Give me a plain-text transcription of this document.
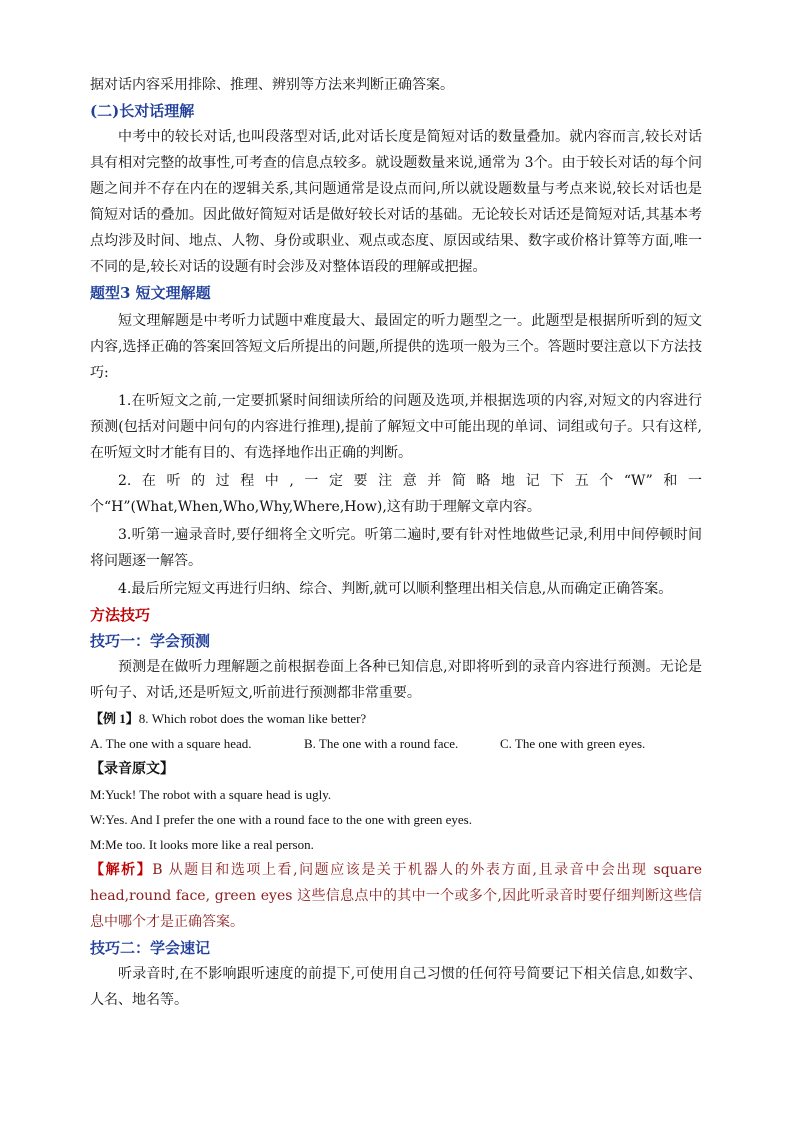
据对话内容采用排除、推理、辨别等方法来判断正确答案。

(二)长对话理解

中考中的较长对话,也叫段落型对话,此对话长度是简短对话的数量叠加。就内容而言,较长对话具有相对完整的故事性,可考查的信息点较多。就设题数量来说,通常为 3个。由于较长对话的每个问题之间并不存在内在的逻辑关系,其问题通常是设点而问,所以就设题数量与考点来说,较长对话也是简短对话的叠加。因此做好简短对话是做好较长对话的基础。无论较长对话还是简短对话,其基本考点均涉及时间、地点、人物、身份或职业、观点或态度、原因或结果、数字或价格计算等方面,唯一不同的是,较长对话的设题有时会涉及对整体语段的理解或把握。

题型3 短文理解题

短文理解题是中考听力试题中难度最大、最固定的听力题型之一。此题型是根据所听到的短文内容,选择正确的答案回答短文后所提出的问题,所提供的选项一般为三个。答题时要注意以下方法技巧:

1.在听短文之前,一定要抓紧时间细读所给的问题及选项,并根据选项的内容,对短文的内容进行预测(包括对问题中问句的内容进行推理),提前了解短文中可能出现的单词、词组或句子。只有这样,在听短文时才能有目的、有选择地作出正确的判断。

2.在听的过程中,一定要注意并简略地记下五个“W”和一个“H”(What,When,Who,Why,Where,How),这有助于理解文章内容。

3.听第一遍录音时,要仔细将全文听完。听第二遍时,要有针对性地做些记录,利用中间停顿时间将问题逐一解答。

4.最后所完短文再进行归纳、综合、判断,就可以顺利整理出相关信息,从而确定正确答案。

方法技巧
技巧一：学会预测

预测是在做听力理解题之前根据卷面上各种已知信息,对即将听到的录音内容进行预测。无论是听句子、对话,还是听短文,听前进行预测都非常重要。

【例 1】8. Which robot does the woman like better?

A. The one with a square head.	B. The one with a round face.	C. The one with green eyes.

【录音原文】

M:Yuck! The robot with a square head is ugly.

W:Yes. And I prefer the one with a round face to the one with green eyes.

M:Me too. It looks more like a real person.

【解析】B 从题目和选项上看,问题应该是关于机器人的外表方面,且录音中会出现 square head,round face, green eyes 这些信息点中的其中一个或多个,因此听录音时要仔细判断这些信息中哪个才是正确答案。

技巧二：学会速记

听录音时,在不影响跟听速度的前提下,可使用自己习惯的任何符号简要记下相关信息,如数字、人名、地名等。
